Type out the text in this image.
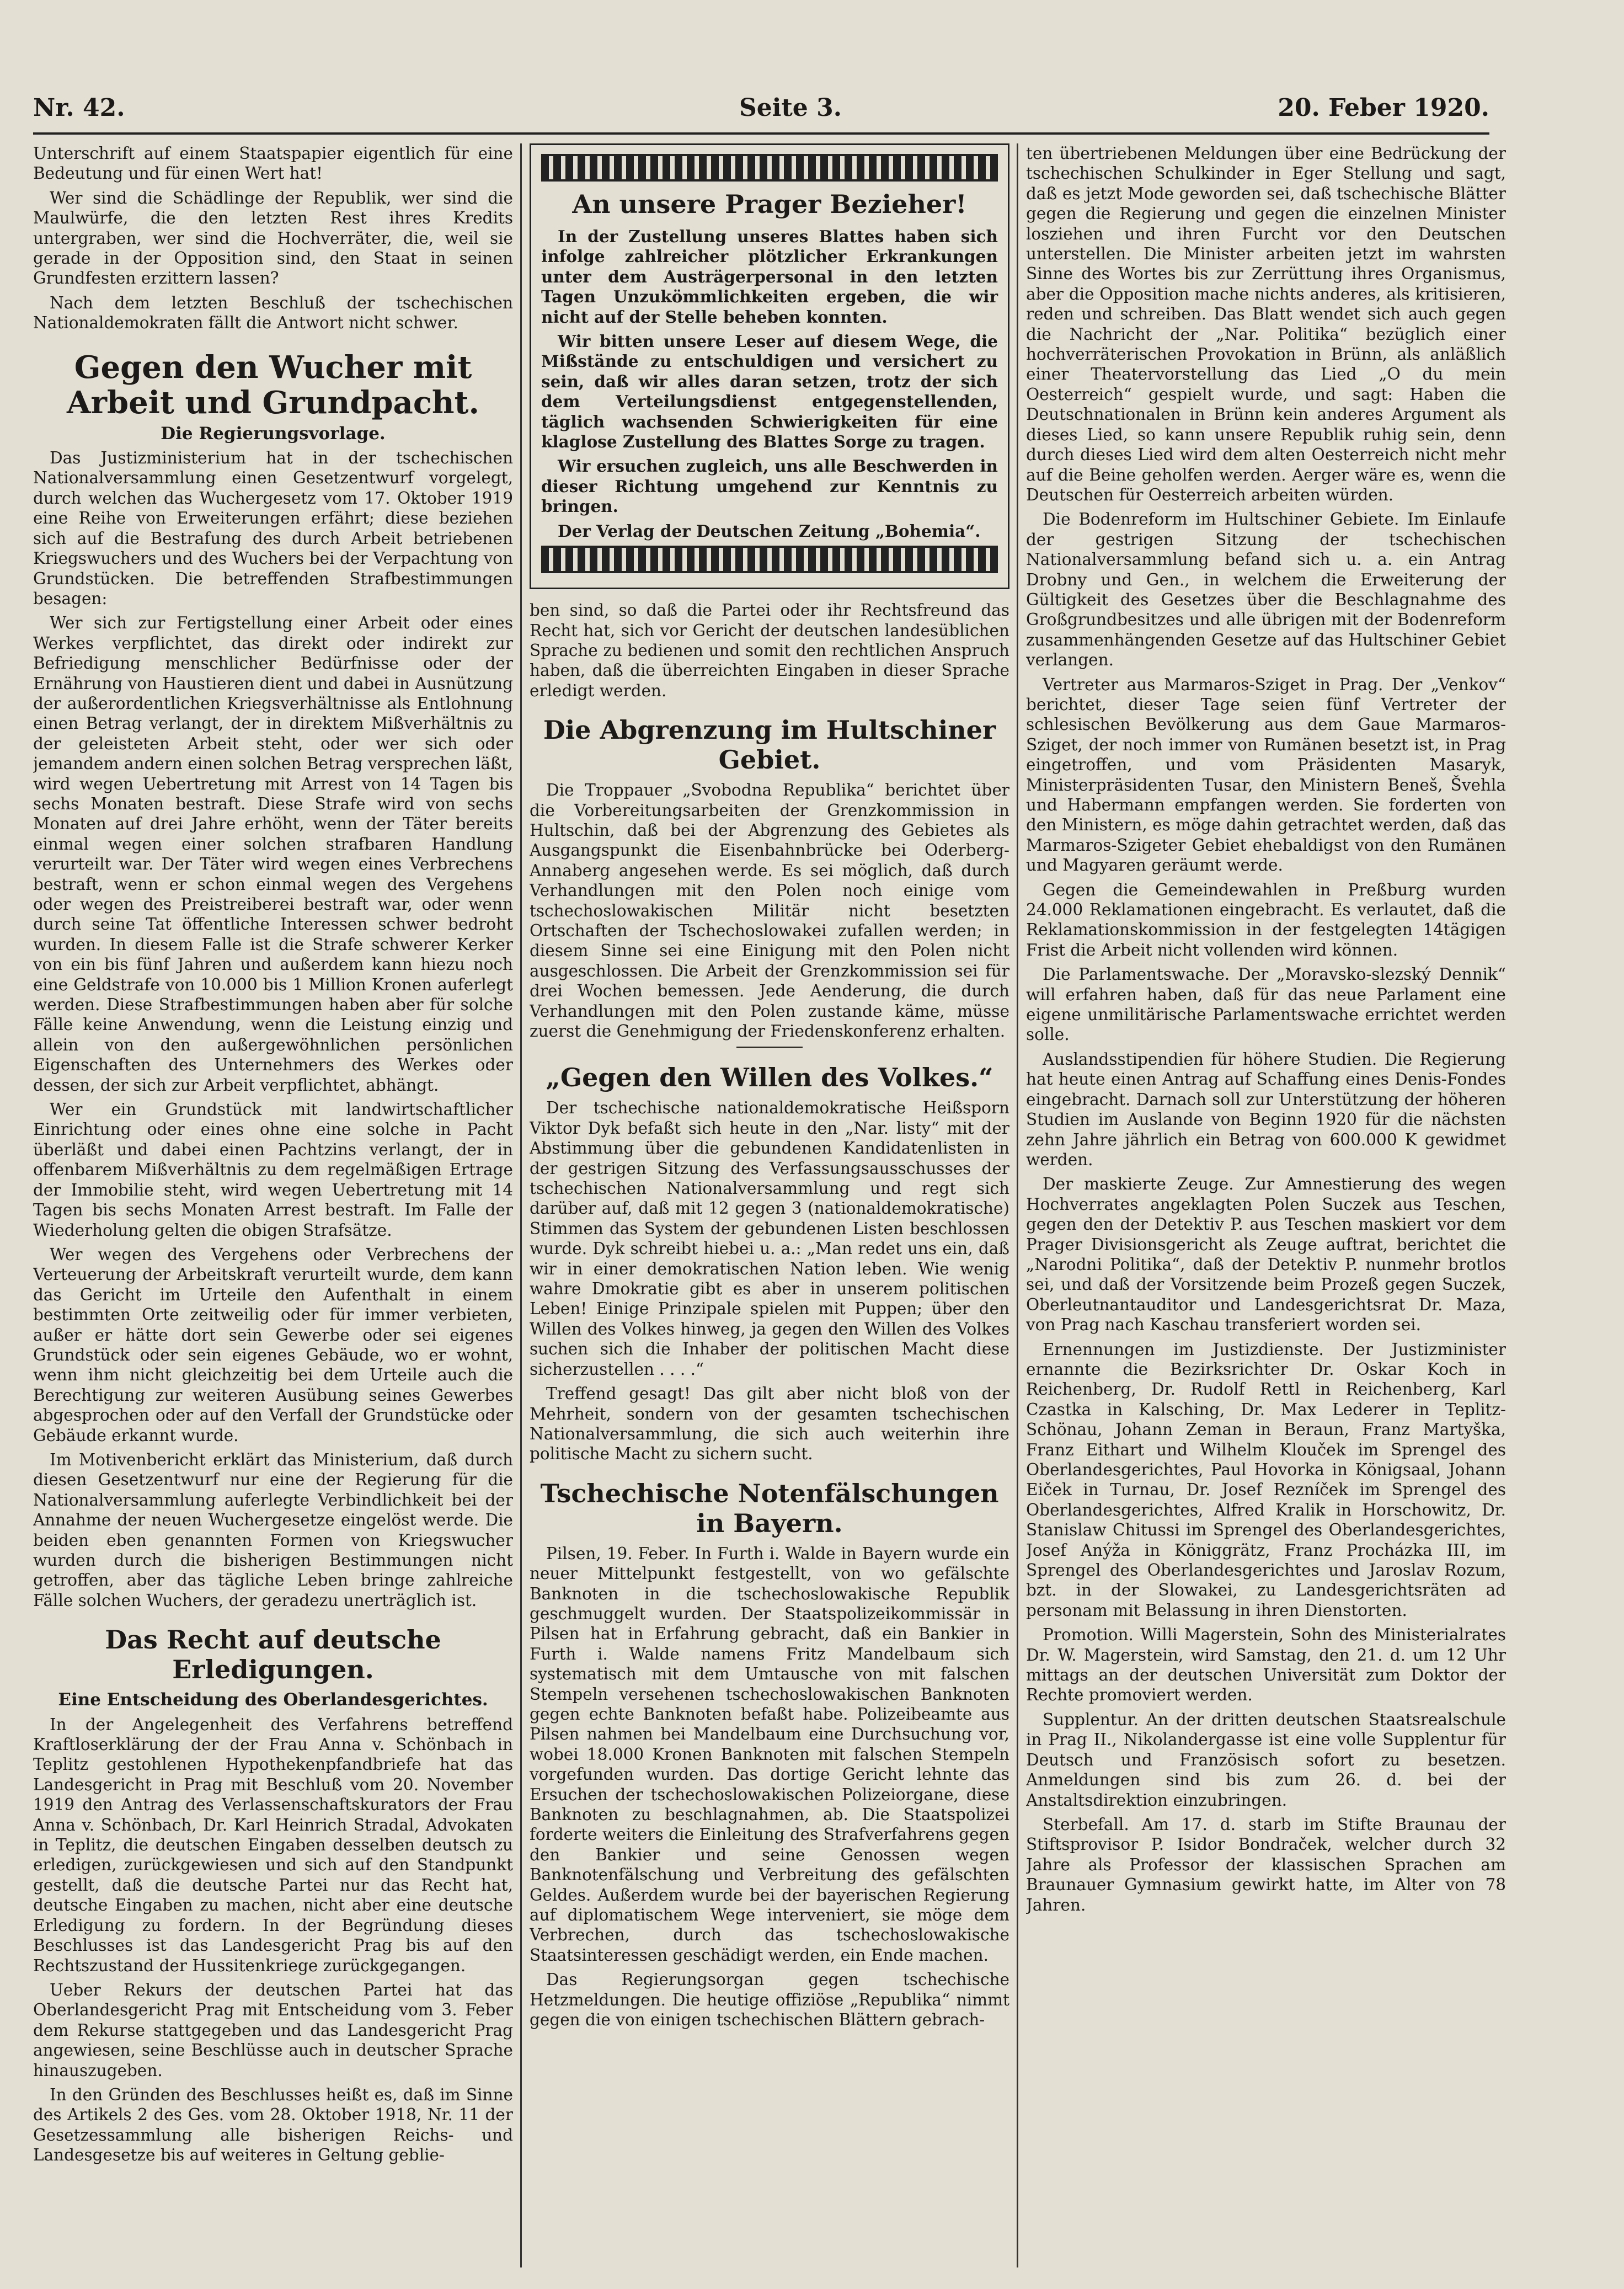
Nr. 42.	Seite 3.	20. Feber 1920.

Unterschrift auf einem Staatspapier eigentlich für eine Bedeutung und für einen Wert hat!

Wer sind die Schädlinge der Republik, wer sind die Maulwürfe, die den letzten Rest ihres Kredits untergraben, wer sind die Hochverräter, die, weil sie gerade in der Opposition sind, den Staat in seinen Grundfesten erzittern lassen?

Nach dem letzten Beschluß der tschechischen Nationaldemokraten fällt die Antwort nicht schwer.

Gegen den Wucher mit Arbeit und Grundpacht.

Die Regierungsvorlage.

Das Justizministerium hat in der tschechischen Nationalversammlung einen Gesetzentwurf vorgelegt, durch welchen das Wuchergesetz vom 17. Oktober 1919 eine Reihe von Erweiterungen erfährt; diese beziehen sich auf die Bestrafung des durch Arbeit betriebenen Kriegswuchers und des Wuchers bei der Verpachtung von Grundstücken. Die betreffenden Strafbestimmungen besagen:

Wer sich zur Fertigstellung einer Arbeit oder eines Werkes verpflichtet, das direkt oder indirekt zur Befriedigung menschlicher Bedürfnisse oder der Ernährung von Haustieren dient und dabei in Ausnützung der außerordentlichen Kriegsverhältnisse als Entlohnung einen Betrag verlangt, der in direktem Mißverhältnis zu der geleisteten Arbeit steht, oder wer sich oder jemandem andern einen solchen Betrag versprechen läßt, wird wegen Uebertretung mit Arrest von 14 Tagen bis sechs Monaten bestraft. Diese Strafe wird von sechs Monaten auf drei Jahre erhöht, wenn der Täter bereits einmal wegen einer solchen strafbaren Handlung verurteilt war. Der Täter wird wegen eines Verbrechens bestraft, wenn er schon einmal wegen des Vergehens oder wegen des Preistreiberei bestraft war, oder wenn durch seine Tat öffentliche Interessen schwer bedroht wurden. In diesem Falle ist die Strafe schwerer Kerker von ein bis fünf Jahren und außerdem kann hiezu noch eine Geldstrafe von 10.000 bis 1 Million Kronen auferlegt werden. Diese Strafbestimmungen haben aber für solche Fälle keine Anwendung, wenn die Leistung einzig und allein von den außergewöhnlichen persönlichen Eigenschaften des Unternehmers des Werkes oder dessen, der sich zur Arbeit verpflichtet, abhängt.

Wer ein Grundstück mit landwirtschaftlicher Einrichtung oder eines ohne eine solche in Pacht überläßt und dabei einen Pachtzins verlangt, der in offenbarem Mißverhältnis zu dem regelmäßigen Ertrage der Immobilie steht, wird wegen Uebertretung mit 14 Tagen bis sechs Monaten Arrest bestraft. Im Falle der Wiederholung gelten die obigen Strafsätze.

Wer wegen des Vergehens oder Verbrechens der Verteuerung der Arbeitskraft verurteilt wurde, dem kann das Gericht im Urteile den Aufenthalt in einem bestimmten Orte zeitweilig oder für immer verbieten, außer er hätte dort sein Gewerbe oder sei eigenes Grundstück oder sein eigenes Gebäude, wo er wohnt, wenn ihm nicht gleichzeitig bei dem Urteile auch die Berechtigung zur weiteren Ausübung seines Gewerbes abgesprochen oder auf den Verfall der Grundstücke oder Gebäude erkannt wurde.

Im Motivenbericht erklärt das Ministerium, daß durch diesen Gesetzentwurf nur eine der Regierung für die Nationalversammlung auferlegte Verbindlichkeit bei der Annahme der neuen Wuchergesetze eingelöst werde. Die beiden eben genannten Formen von Kriegswucher wurden durch die bisherigen Bestimmungen nicht getroffen, aber das tägliche Leben bringe zahlreiche Fälle solchen Wuchers, der geradezu unerträglich ist.

Das Recht auf deutsche Erledigungen.

Eine Entscheidung des Oberlandesgerichtes.

In der Angelegenheit des Verfahrens betreffend Kraftloserklärung der der Frau Anna v. Schönbach in Teplitz gestohlenen Hypothekenpfandbriefe hat das Landesgericht in Prag mit Beschluß vom 20. November 1919 den Antrag des Verlassenschaftskurators der Frau Anna v. Schönbach, Dr. Karl Heinrich Stradal, Advokaten in Teplitz, die deutschen Eingaben desselben deutsch zu erledigen, zurückgewiesen und sich auf den Standpunkt gestellt, daß die deutsche Partei nur das Recht hat, deutsche Eingaben zu machen, nicht aber eine deutsche Erledigung zu fordern. In der Begründung dieses Beschlusses ist das Landesgericht Prag bis auf den Rechtszustand der Hussitenkriege zurückgegangen.

Ueber Rekurs der deutschen Partei hat das Oberlandesgericht Prag mit Entscheidung vom 3. Feber dem Rekurse stattgegeben und das Landesgericht Prag angewiesen, seine Beschlüsse auch in deutscher Sprache hinauszugeben.

In den Gründen des Beschlusses heißt es, daß im Sinne des Artikels 2 des Ges. vom 28. Oktober 1918, Nr. 11 der Gesetzessammlung alle bisherigen Reichs- und Landesgesetze bis auf weiteres in Geltung geblie-

An unsere Prager Bezieher!

In der Zustellung unseres Blattes haben sich infolge zahlreicher plötzlicher Erkrankungen unter dem Austrägerpersonal in den letzten Tagen Unzukömmlichkeiten ergeben, die wir nicht auf der Stelle beheben konnten.

Wir bitten unsere Leser auf diesem Wege, die Mißstände zu entschuldigen und versichert zu sein, daß wir alles daran setzen, trotz der sich dem Verteilungsdienst entgegenstellenden, täglich wachsenden Schwierigkeiten für eine klaglose Zustellung des Blattes Sorge zu tragen.

Wir ersuchen zugleich, uns alle Beschwerden in dieser Richtung umgehend zur Kenntnis zu bringen.

Der Verlag der Deutschen Zeitung „Bohemia“.

ben sind, so daß die Partei oder ihr Rechtsfreund das Recht hat, sich vor Gericht der deutschen landesüblichen Sprache zu bedienen und somit den rechtlichen Anspruch haben, daß die überreichten Eingaben in dieser Sprache erledigt werden.

Die Abgrenzung im Hultschiner Gebiet.

Die Troppauer „Svobodna Republika“ berichtet über die Vorbereitungsarbeiten der Grenzkommission in Hultschin, daß bei der Abgrenzung des Gebietes als Ausgangspunkt die Eisenbahnbrücke bei Oderberg-Annaberg angesehen werde. Es sei möglich, daß durch Verhandlungen mit den Polen noch einige vom tschechoslowakischen Militär nicht besetzten Ortschaften der Tschechoslowakei zufallen werden; in diesem Sinne sei eine Einigung mit den Polen nicht ausgeschlossen. Die Arbeit der Grenzkommission sei für drei Wochen bemessen. Jede Aenderung, die durch Verhandlungen mit den Polen zustande käme, müsse zuerst die Genehmigung der Friedenskonferenz erhalten.

„Gegen den Willen des Volkes.“

Der tschechische nationaldemokratische Heißsporn Viktor Dyk befaßt sich heute in den „Nar. listy“ mit der Abstimmung über die gebundenen Kandidatenlisten in der gestrigen Sitzung des Verfassungsausschusses der tschechischen Nationalversammlung und regt sich darüber auf, daß mit 12 gegen 3 (nationaldemokratische) Stimmen das System der gebundenen Listen beschlossen wurde. Dyk schreibt hiebei u. a.: „Man redet uns ein, daß wir in einer demokratischen Nation leben. Wie wenig wahre Dmokratie gibt es aber in unserem politischen Leben! Einige Prinzipale spielen mit Puppen; über den Willen des Volkes hinweg, ja gegen den Willen des Volkes suchen sich die Inhaber der politischen Macht diese sicherzustellen . . . .“

Treffend gesagt! Das gilt aber nicht bloß von der Mehrheit, sondern von der gesamten tschechischen Nationalversammlung, die sich auch weiterhin ihre politische Macht zu sichern sucht.

Tschechische Notenfälschungen in Bayern.

Pilsen, 19. Feber. In Furth i. Walde in Bayern wurde ein neuer Mittelpunkt festgestellt, von wo gefälschte Banknoten in die tschechoslowakische Republik geschmuggelt wurden. Der Staatspolizeikommissär in Pilsen hat in Erfahrung gebracht, daß ein Bankier in Furth i. Walde namens Fritz Mandelbaum sich systematisch mit dem Umtausche von mit falschen Stempeln versehenen tschechoslowakischen Banknoten gegen echte Banknoten befaßt habe. Polizeibeamte aus Pilsen nahmen bei Mandelbaum eine Durchsuchung vor, wobei 18.000 Kronen Banknoten mit falschen Stempeln vorgefunden wurden. Das dortige Gericht lehnte das Ersuchen der tschechoslowakischen Polizeiorgane, diese Banknoten zu beschlagnahmen, ab. Die Staatspolizei forderte weiters die Einleitung des Strafverfahrens gegen den Bankier und seine Genossen wegen Banknotenfälschung und Verbreitung des gefälschten Geldes. Außerdem wurde bei der bayerischen Regierung auf diplomatischem Wege interveniert, sie möge dem Verbrechen, durch das tschechoslowakische Staatsinteressen geschädigt werden, ein Ende machen.

Das Regierungsorgan gegen tschechische Hetzmeldungen. Die heutige offiziöse „Republika“ nimmt gegen die von einigen tschechischen Blättern gebrach-

ten übertriebenen Meldungen über eine Bedrückung der tschechischen Schulkinder in Eger Stellung und sagt, daß es jetzt Mode geworden sei, daß tschechische Blätter gegen die Regierung und gegen die einzelnen Minister losziehen und ihren Furcht vor den Deutschen unterstellen. Die Minister arbeiten jetzt im wahrsten Sinne des Wortes bis zur Zerrüttung ihres Organismus, aber die Opposition mache nichts anderes, als kritisieren, reden und schreiben. Das Blatt wendet sich auch gegen die Nachricht der „Nar. Politika“ bezüglich einer hochverräterischen Provokation in Brünn, als anläßlich einer Theatervorstellung das Lied „O du mein Oesterreich“ gespielt wurde, und sagt: Haben die Deutschnationalen in Brünn kein anderes Argument als dieses Lied, so kann unsere Republik ruhig sein, denn durch dieses Lied wird dem alten Oesterreich nicht mehr auf die Beine geholfen werden. Aerger wäre es, wenn die Deutschen für Oesterreich arbeiten würden.

Die Bodenreform im Hultschiner Gebiete. Im Einlaufe der gestrigen Sitzung der tschechischen Nationalversammlung befand sich u. a. ein Antrag Drobny und Gen., in welchem die Erweiterung der Gültigkeit des Gesetzes über die Beschlagnahme des Großgrundbesitzes und alle übrigen mit der Bodenreform zusammenhängenden Gesetze auf das Hultschiner Gebiet verlangen.

Vertreter aus Marmaros-Sziget in Prag. Der „Venkov“ berichtet, dieser Tage seien fünf Vertreter der schlesischen Bevölkerung aus dem Gaue Marmaros-Sziget, der noch immer von Rumänen besetzt ist, in Prag eingetroffen, und vom Präsidenten Masaryk, Ministerpräsidenten Tusar, den Ministern Beneš, Švehla und Habermann empfangen werden. Sie forderten von den Ministern, es möge dahin getrachtet werden, daß das Marmaros-Szigeter Gebiet ehebaldigst von den Rumänen und Magyaren geräumt werde.

Gegen die Gemeindewahlen in Preßburg wurden 24.000 Reklamationen eingebracht. Es verlautet, daß die Reklamationskommission in der festgelegten 14tägigen Frist die Arbeit nicht vollenden wird können.

Die Parlamentswache. Der „Moravsko-slezský Dennik“ will erfahren haben, daß für das neue Parlament eine eigene unmilitärische Parlamentswache errichtet werden solle.

Auslandsstipendien für höhere Studien. Die Regierung hat heute einen Antrag auf Schaffung eines Denis-Fondes eingebracht. Darnach soll zur Unterstützung der höheren Studien im Auslande von Beginn 1920 für die nächsten zehn Jahre jährlich ein Betrag von 600.000 K gewidmet werden.

Der maskierte Zeuge. Zur Amnestierung des wegen Hochverrates angeklagten Polen Suczek aus Teschen, gegen den der Detektiv P. aus Teschen maskiert vor dem Prager Divisionsgericht als Zeuge auftrat, berichtet die „Narodni Politika“, daß der Detektiv P. nunmehr brotlos sei, und daß der Vorsitzende beim Prozeß gegen Suczek, Oberleutnantauditor und Landesgerichtsrat Dr. Maza, von Prag nach Kaschau transferiert worden sei.

Ernennungen im Justizdienste. Der Justizminister ernannte die Bezirksrichter Dr. Oskar Koch in Reichenberg, Dr. Rudolf Rettl in Reichenberg, Karl Czastka in Kalsching, Dr. Max Lederer in Teplitz-Schönau, Johann Zeman in Beraun, Franz Martyška, Franz Eithart und Wilhelm Klouček im Sprengel des Oberlandesgerichtes, Paul Hovorka in Königsaal, Johann Eiček in Turnau, Dr. Josef Rezníček im Sprengel des Oberlandesgerichtes, Alfred Kralik in Horschowitz, Dr. Stanislaw Chitussi im Sprengel des Oberlandesgerichtes, Josef Anýža in Königgrätz, Franz Procházka III, im Sprengel des Oberlandesgerichtes und Jaroslav Rozum, bzt. in der Slowakei, zu Landesgerichtsräten ad personam mit Belassung in ihren Dienstorten.

Promotion. Willi Magerstein, Sohn des Ministerialrates Dr. W. Magerstein, wird Samstag, den 21. d. um 12 Uhr mittags an der deutschen Universität zum Doktor der Rechte promoviert werden.

Supplentur. An der dritten deutschen Staatsrealschule in Prag II., Nikolandergasse ist eine volle Supplentur für Deutsch und Französisch sofort zu besetzen. Anmeldungen sind bis zum 26. d. bei der Anstaltsdirektion einzubringen.

Sterbefall. Am 17. d. starb im Stifte Braunau der Stiftsprovisor P. Isidor Bondraček, welcher durch 32 Jahre als Professor der klassischen Sprachen am Braunauer Gymnasium gewirkt hatte, im Alter von 78 Jahren.
